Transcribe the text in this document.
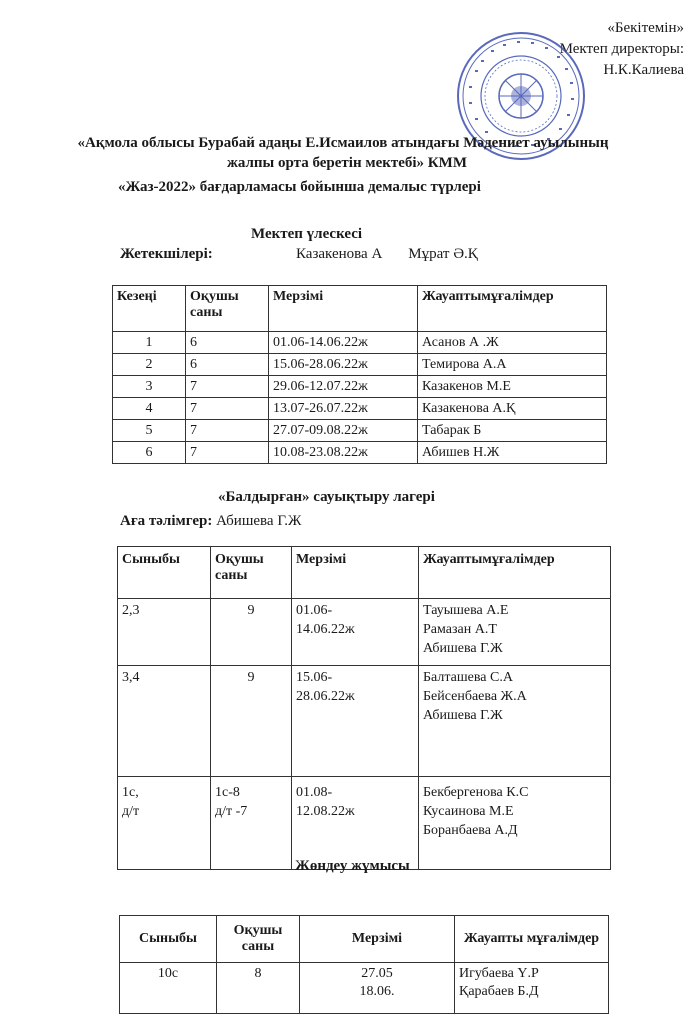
«Бекітемін»
Мектеп директоры:
Н.К.Калиева
«Ақмола облысы Бурабай адаңы Е.Исмаилов атындағы Мәдениет ауылының
жалпы орта беретін мектебі» КММ
«Жаз-2022» бағдарламасы бойынша демалыс түрлері
Мектеп үлескесі
Жетекшілері:	Казакенова А Мұрат Ә.Қ
Кезеңі	Оқушы саны	Мерзімі	Жауаптымұғалімдер
1	6	01.06-14.06.22ж	Асанов А .Ж
2	6	15.06-28.06.22ж	Темирова А.А
3	7	29.06-12.07.22ж	Казакенов М.Е
4	7	13.07-26.07.22ж	Казакенова А.Қ
5	7	27.07-09.08.22ж	Табарак Б
6	7	10.08-23.08.22ж	Абишев Н.Ж
«Балдырған» сауықтыру лагері
Аға тәлімгер: Абишева Г.Ж
Сыныбы	Оқушы саны	Мерзімі	Жауаптымұғалімдер
2,3	9	01.06-
14.06.22ж	Тауышева А.Е
Рамазан А.Т
Абишева Г.Ж
3,4	9	15.06-
28.06.22ж	Балташева С.А
Бейсенбаева Ж.А
Абишева Г.Ж
1с,
д/т	1с-8
д/т -7	01.08-
12.08.22ж	Бекбергенова К.С
Кусаинова М.Е
Боранбаева А.Д
Жөндеу жұмысы
Сыныбы	Оқушы саны	Мерзімі	Жауапты мұғалімдер
10с	8	27.05
18.06.	Игубаева Ү.Р
Қарабаев Б.Д
